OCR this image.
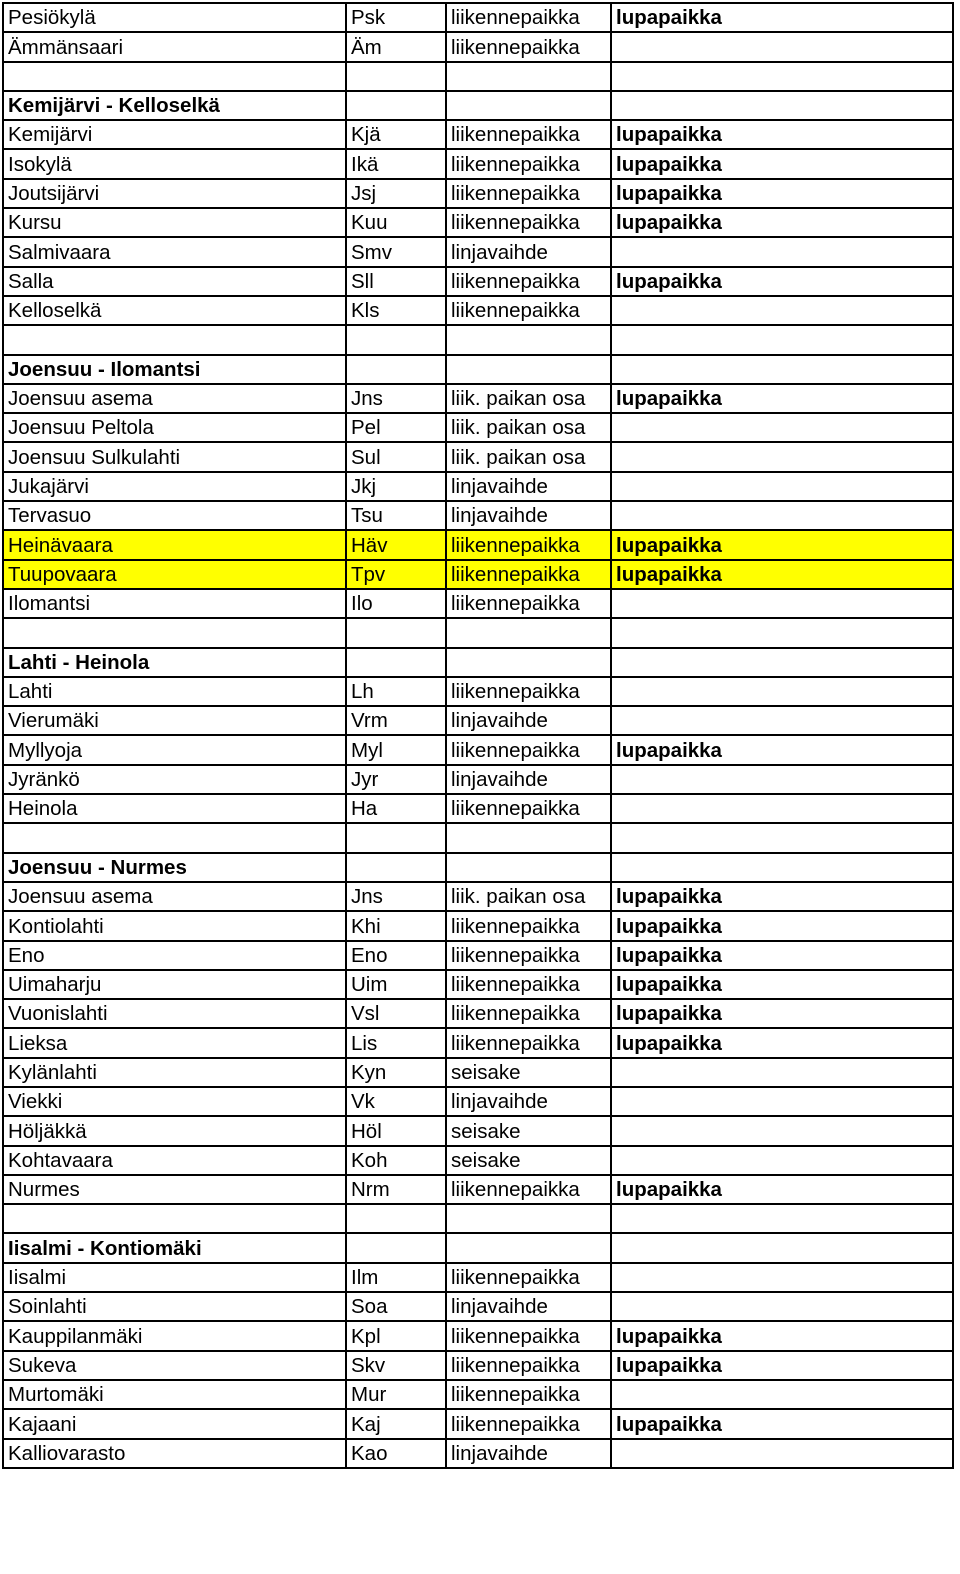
Pesiökylä	Psk	liikennepaikka	lupapaikka
Ämmänsaari	Äm	liikennepaikka	

Kemijärvi - Kelloselkä			
Kemijärvi	Kjä	liikennepaikka	lupapaikka
Isokylä	Ikä	liikennepaikka	lupapaikka
Joutsijärvi	Jsj	liikennepaikka	lupapaikka
Kursu	Kuu	liikennepaikka	lupapaikka
Salmivaara	Smv	linjavaihde	
Salla	Sll	liikennepaikka	lupapaikka
Kelloselkä	Kls	liikennepaikka	

Joensuu - Ilomantsi			
Joensuu asema	Jns	liik. paikan osa	lupapaikka
Joensuu Peltola	Pel	liik. paikan osa	
Joensuu Sulkulahti	Sul	liik. paikan osa	
Jukajärvi	Jkj	linjavaihde	
Tervasuo	Tsu	linjavaihde	
Heinävaara	Häv	liikennepaikka	lupapaikka
Tuupovaara	Tpv	liikennepaikka	lupapaikka
Ilomantsi	Ilo	liikennepaikka	

Lahti - Heinola			
Lahti	Lh	liikennepaikka	
Vierumäki	Vrm	linjavaihde	
Myllyoja	Myl	liikennepaikka	lupapaikka
Jyränkö	Jyr	linjavaihde	
Heinola	Ha	liikennepaikka	

Joensuu - Nurmes			
Joensuu asema	Jns	liik. paikan osa	lupapaikka
Kontiolahti	Khi	liikennepaikka	lupapaikka
Eno	Eno	liikennepaikka	lupapaikka
Uimaharju	Uim	liikennepaikka	lupapaikka
Vuonislahti	Vsl	liikennepaikka	lupapaikka
Lieksa	Lis	liikennepaikka	lupapaikka
Kylänlahti	Kyn	seisake	
Viekki	Vk	linjavaihde	
Höljäkkä	Höl	seisake	
Kohtavaara	Koh	seisake	
Nurmes	Nrm	liikennepaikka	lupapaikka

Iisalmi - Kontiomäki			
Iisalmi	Ilm	liikennepaikka	
Soinlahti	Soa	linjavaihde	
Kauppilanmäki	Kpl	liikennepaikka	lupapaikka
Sukeva	Skv	liikennepaikka	lupapaikka
Murtomäki	Mur	liikennepaikka	
Kajaani	Kaj	liikennepaikka	lupapaikka
Kalliovarasto	Kao	linjavaihde	
